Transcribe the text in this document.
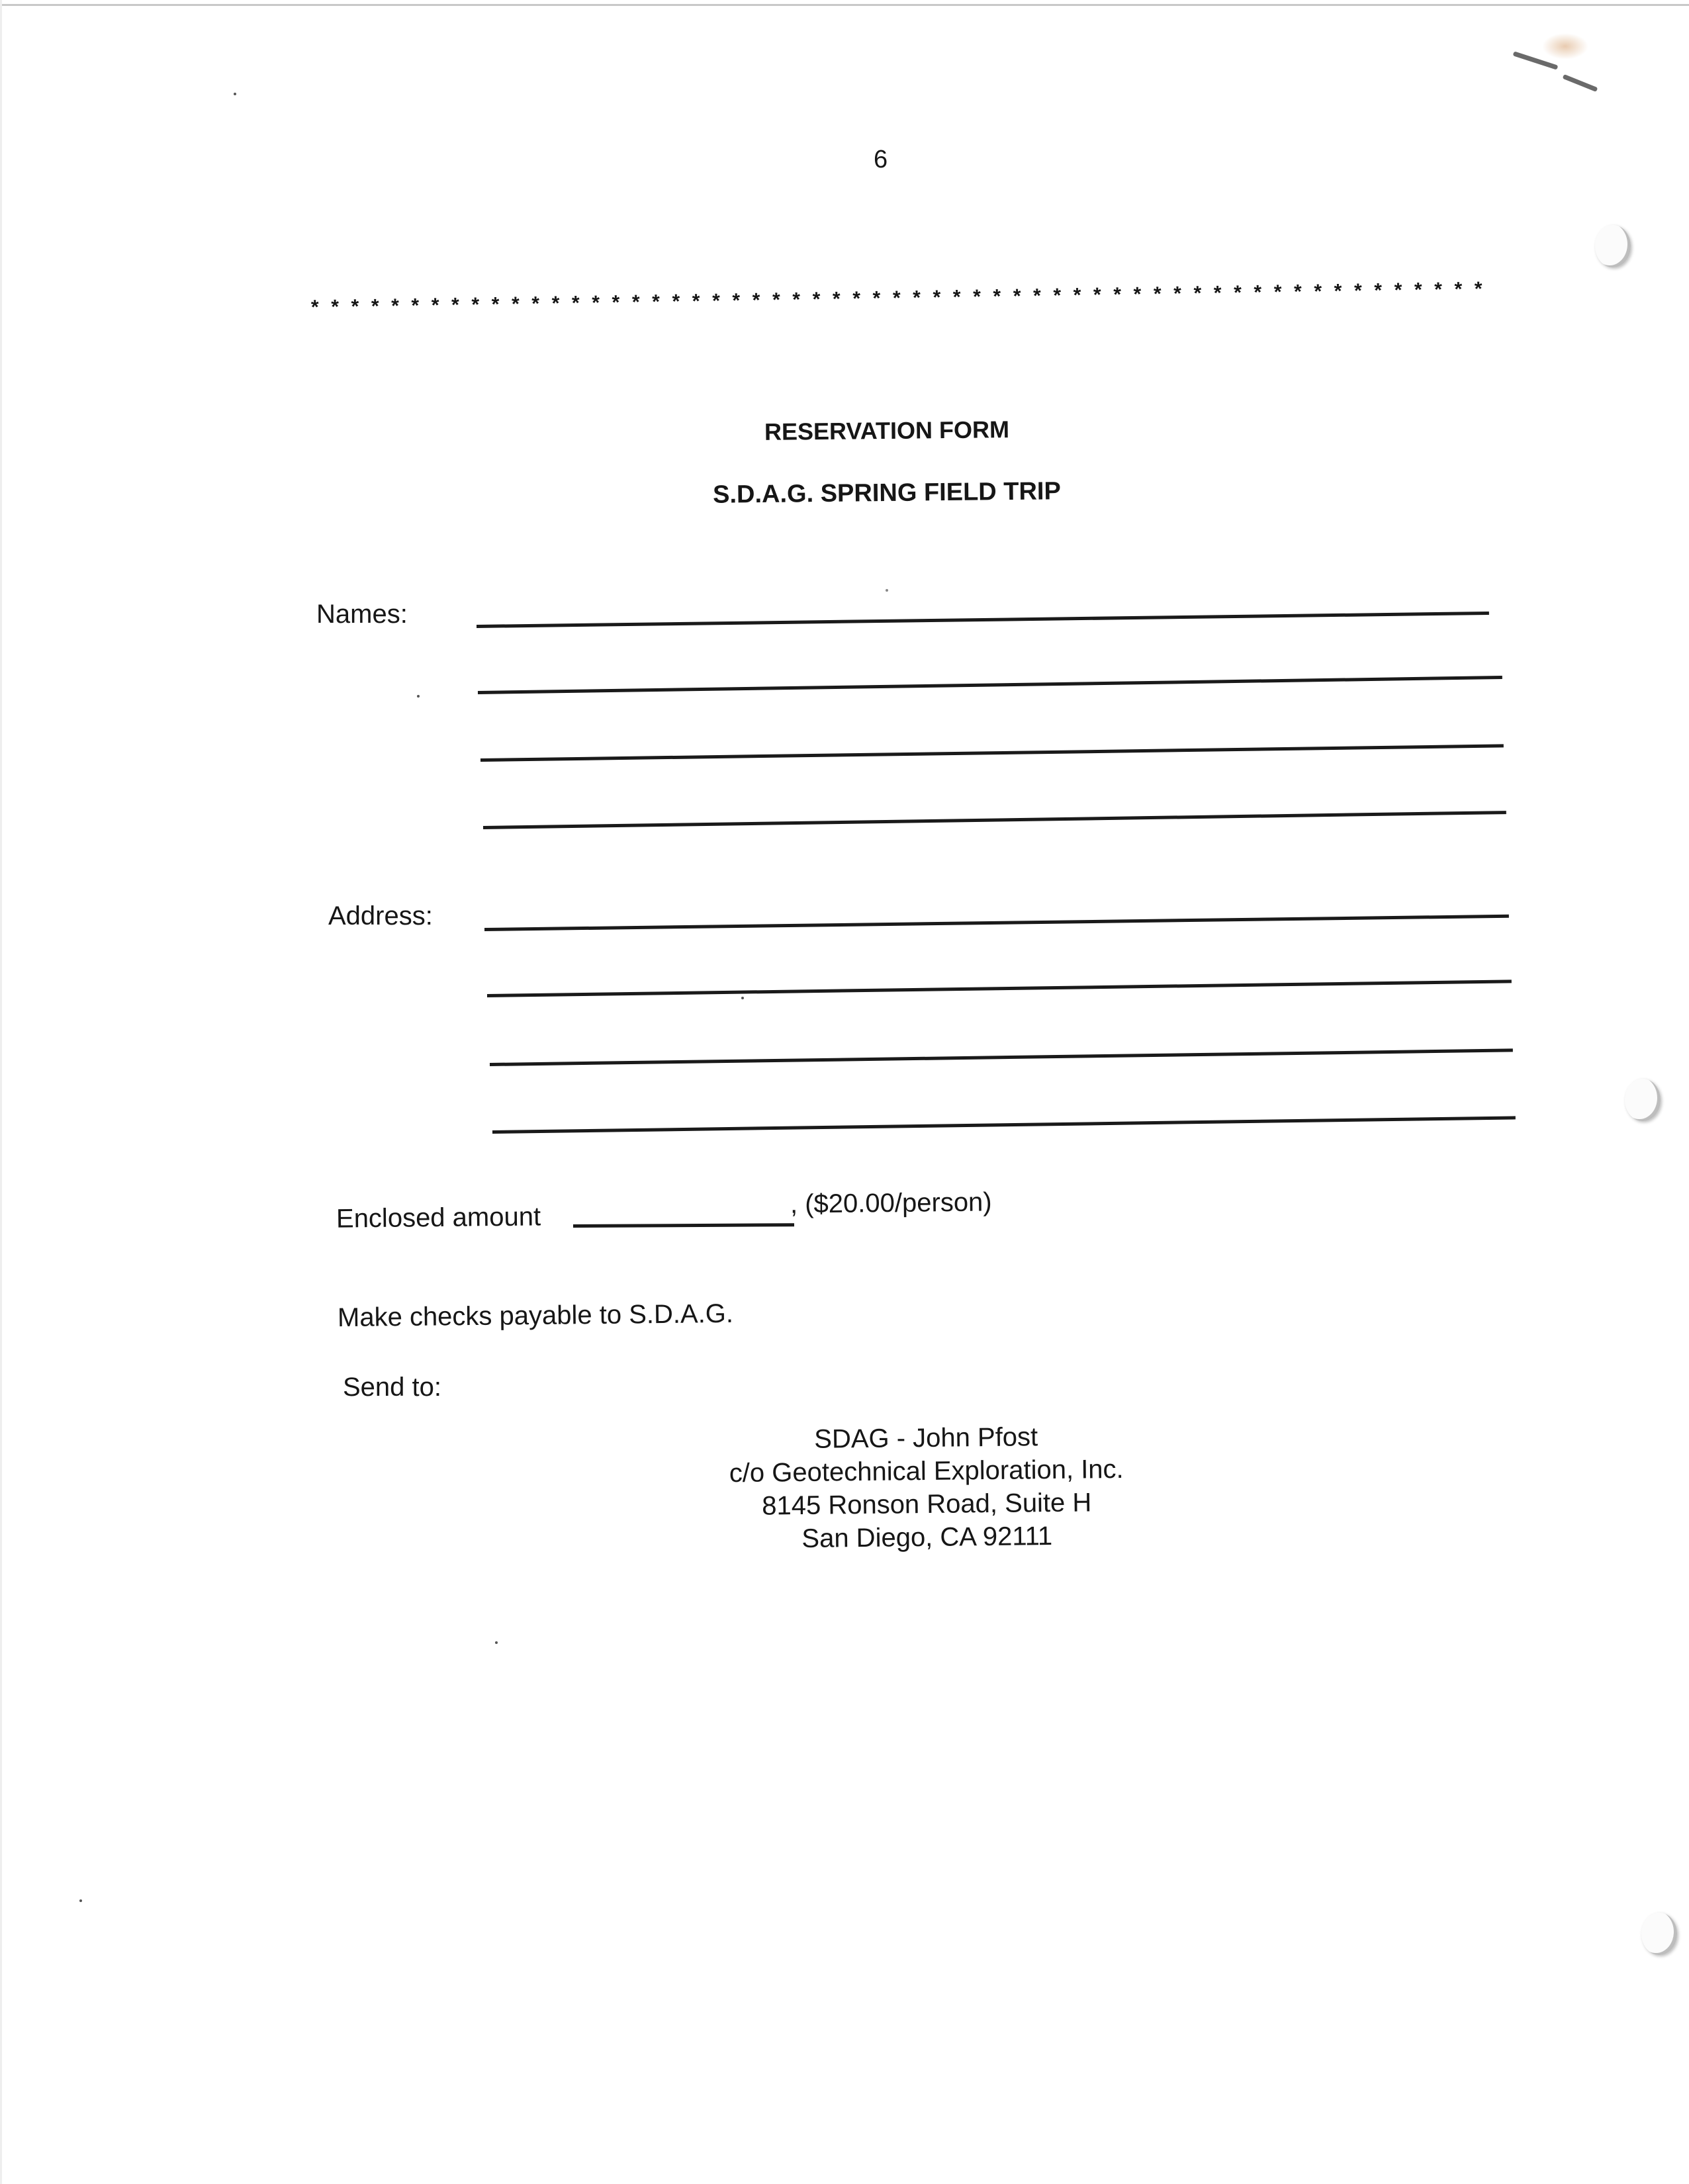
6
* * * * * * * * * * * * * * * * * * * * * * * * * * * * * * * * * * * * * * * * * * * * * * * * * * * * * * * * * * *
RESERVATION FORM
S.D.A.G. SPRING FIELD TRIP
Names:
Address:
Enclosed amount	, ($20.00/person)
Make checks payable to S.D.A.G.
Send to:
SDAG - John Pfost
c/o Geotechnical Exploration, Inc.
8145 Ronson Road, Suite H
San Diego, CA 92111
